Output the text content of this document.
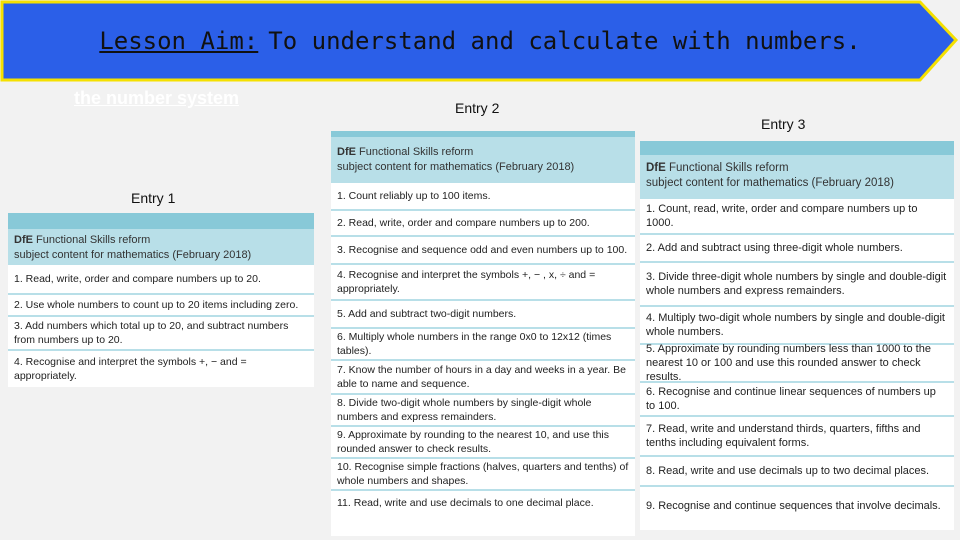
Lesson Aim: To understand and calculate with numbers.
the number system
Entry 1
Entry 2
Entry 3
DfE Functional Skills reform
subject content for mathematics (February 2018)
1. Read, write, order and compare numbers up to 20.
2. Use whole numbers to count up to 20 items including zero.
3. Add numbers which total up to 20, and subtract numbers from numbers up to 20.
4. Recognise and interpret the symbols +, − and = appropriately.
DfE Functional Skills reform
subject content for mathematics (February 2018)
1. Count reliably up to 100 items.
2. Read, write, order and compare numbers up to 200.
3. Recognise and sequence odd and even numbers up to 100.
4. Recognise and interpret the symbols +, − , x, ÷ and = appropriately.
5. Add and subtract two-digit numbers.
6. Multiply whole numbers in the range 0x0 to 12x12 (times tables).
7. Know the number of hours in a day and weeks in a year. Be able to name and sequence.
8. Divide two-digit whole numbers by single-digit whole numbers and express remainders.
9. Approximate by rounding to the nearest 10, and use this rounded answer to check results.
10. Recognise simple fractions (halves, quarters and tenths) of whole numbers and shapes.
11. Read, write and use decimals to one decimal place.
DfE Functional Skills reform
subject content for mathematics (February 2018)
1. Count, read, write, order and compare numbers up to 1000.
2. Add and subtract using three-digit whole numbers.
3. Divide three-digit whole numbers by single and double-digit whole numbers and express remainders.
4. Multiply two-digit whole numbers by single and double-digit whole numbers.
5. Approximate by rounding numbers less than 1000 to the nearest 10 or 100 and use this rounded answer to check results.
6. Recognise and continue linear sequences of numbers up to 100.
7. Read, write and understand thirds, quarters, fifths and tenths including equivalent forms.
8. Read, write and use decimals up to two decimal places.
9. Recognise and continue sequences that involve decimals.
